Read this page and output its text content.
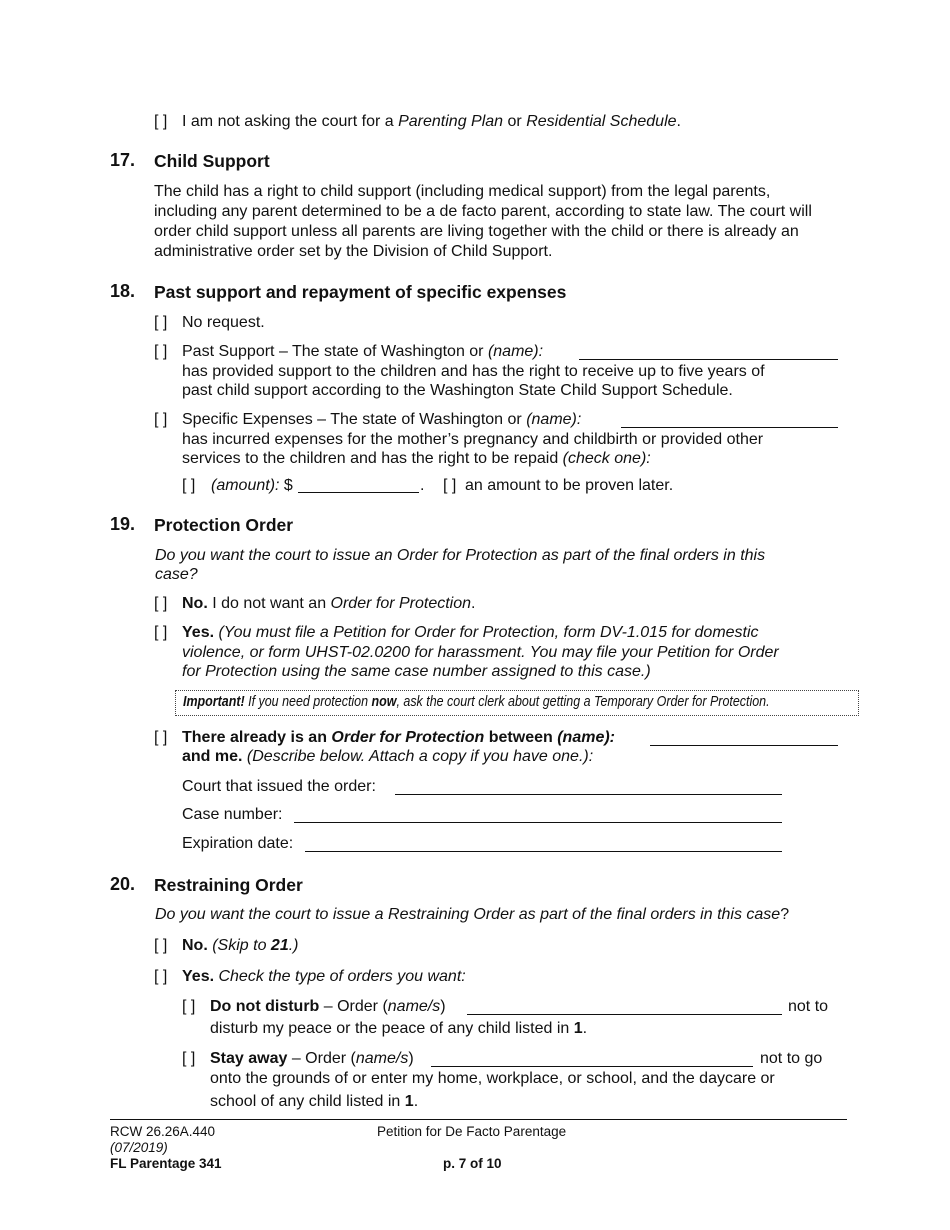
[ ] I am not asking the court for a Parenting Plan or Residential Schedule.
17. Child Support
The child has a right to child support (including medical support) from the legal parents,
including any parent determined to be a de facto parent, according to state law. The court will
order child support unless all parents are living together with the child or there is already an
administrative order set by the Division of Child Support.
18. Past support and repayment of specific expenses
[ ] No request.
[ ] Past Support – The state of Washington or (name):
has provided support to the children and has the right to receive up to five years of
past child support according to the Washington State Child Support Schedule.
[ ] Specific Expenses – The state of Washington or (name):
has incurred expenses for the mother’s pregnancy and childbirth or provided other
services to the children and has the right to be repaid (check one):
[ ] (amount): $	. [ ] an amount to be proven later.
19. Protection Order
Do you want the court to issue an Order for Protection as part of the final orders in this
case?
[ ] No. I do not want an Order for Protection.
[ ] Yes. (You must file a Petition for Order for Protection, form DV-1.015 for domestic
violence, or form UHST-02.0200 for harassment. You may file your Petition for Order
for Protection using the same case number assigned to this case.)
Important! If you need protection now, ask the court clerk about getting a Temporary Order for Protection.
[ ] There already is an Order for Protection between (name):
and me. (Describe below. Attach a copy if you have one.):
Court that issued the order:
Case number:
Expiration date:
20. Restraining Order
Do you want the court to issue a Restraining Order as part of the final orders in this case?
[ ] No. (Skip to 21.)
[ ] Yes. Check the type of orders you want:
[ ] Do not disturb – Order (name/s)	not to
disturb my peace or the peace of any child listed in 1.
[ ] Stay away – Order (name/s)	not to go
onto the grounds of or enter my home, workplace, or school, and the daycare or
school of any child listed in 1.
RCW 26.26A.440
(07/2019)
FL Parentage 341
Petition for De Facto Parentage
p. 7 of 10
